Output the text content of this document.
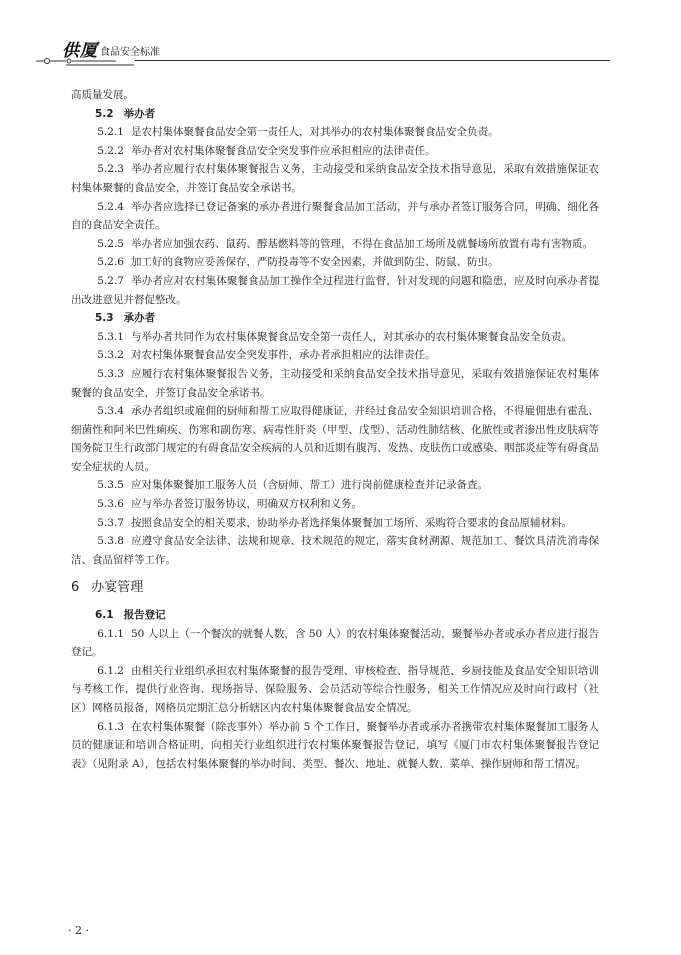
供厦 食品安全标准

高质量发展。

5.2 举办者

5.2.1 是农村集体聚餐食品安全第一责任人，对其举办的农村集体聚餐食品安全负责。

5.2.2 举办者对农村集体聚餐食品安全突发事件应承担相应的法律责任。

5.2.3 举办者应履行农村集体聚餐报告义务，主动接受和采纳食品安全技术指导意见，采取有效措施保证农村集体聚餐的食品安全，并签订食品安全承诺书。

5.2.4 举办者应选择已登记备案的承办者进行聚餐食品加工活动，并与承办者签订服务合同，明确、细化各自的食品安全责任。

5.2.5 举办者应加强农药、鼠药、醇基燃料等的管理，不得在食品加工场所及就餐场所放置有毒有害物质。

5.2.6 加工好的食物应妥善保存，严防投毒等不安全因素，并做到防尘、防鼠、防虫。

5.2.7 举办者应对农村集体聚餐食品加工操作全过程进行监督，针对发现的问题和隐患，应及时向承办者提出改进意见并督促整改。

5.3 承办者

5.3.1 与举办者共同作为农村集体聚餐食品安全第一责任人，对其承办的农村集体聚餐食品安全负责。

5.3.2 对农村集体聚餐食品安全突发事件，承办者承担相应的法律责任。

5.3.3 应履行农村集体聚餐报告义务，主动接受和采纳食品安全技术指导意见，采取有效措施保证农村集体聚餐的食品安全，并签订食品安全承诺书。

5.3.4 承办者组织或雇佣的厨师和帮工应取得健康证，并经过食品安全知识培训合格，不得雇佣患有霍乱、细菌性和阿米巴性痢疾、伤寒和副伤寒、病毒性肝炎（甲型、戊型）、活动性肺结核、化脓性或者渗出性皮肤病等国务院卫生行政部门规定的有碍食品安全疾病的人员和近期有腹泻、发热、皮肤伤口或感染、咽部炎症等有碍食品安全症状的人员。

5.3.5 应对集体聚餐加工服务人员（含厨师、帮工）进行岗前健康检查并记录备查。

5.3.6 应与举办者签订服务协议，明确双方权利和义务。

5.3.7 按照食品安全的相关要求，协助举办者选择集体聚餐加工场所、采购符合要求的食品原辅材料。

5.3.8 应遵守食品安全法律、法规和规章、技术规范的规定，落实食材溯源、规范加工、餐饮具清洗消毒保洁、食品留样等工作。

6 办宴管理

6.1 报告登记

6.1.1 50 人以上（一个餐次的就餐人数，含 50 人）的农村集体聚餐活动，聚餐举办者或承办者应进行报告登记。

6.1.2 由相关行业组织承担农村集体聚餐的报告受理、审核检查、指导规范、乡厨技能及食品安全知识培训与考核工作，提供行业咨询、现场指导、保险服务、会员活动等综合性服务，相关工作情况应及时向行政村（社区）网格员报备，网格员定期汇总分析辖区内农村集体聚餐食品安全情况。

6.1.3 在农村集体聚餐（除丧事外）举办前 5 个工作日，聚餐举办者或承办者携带农村集体聚餐加工服务人员的健康证和培训合格证明，向相关行业组织进行农村集体聚餐报告登记，填写《厦门市农村集体聚餐报告登记表》（见附录 A），包括农村集体聚餐的举办时间、类型、餐次、地址、就餐人数、菜单、操作厨师和帮工情况。

· 2 ·
